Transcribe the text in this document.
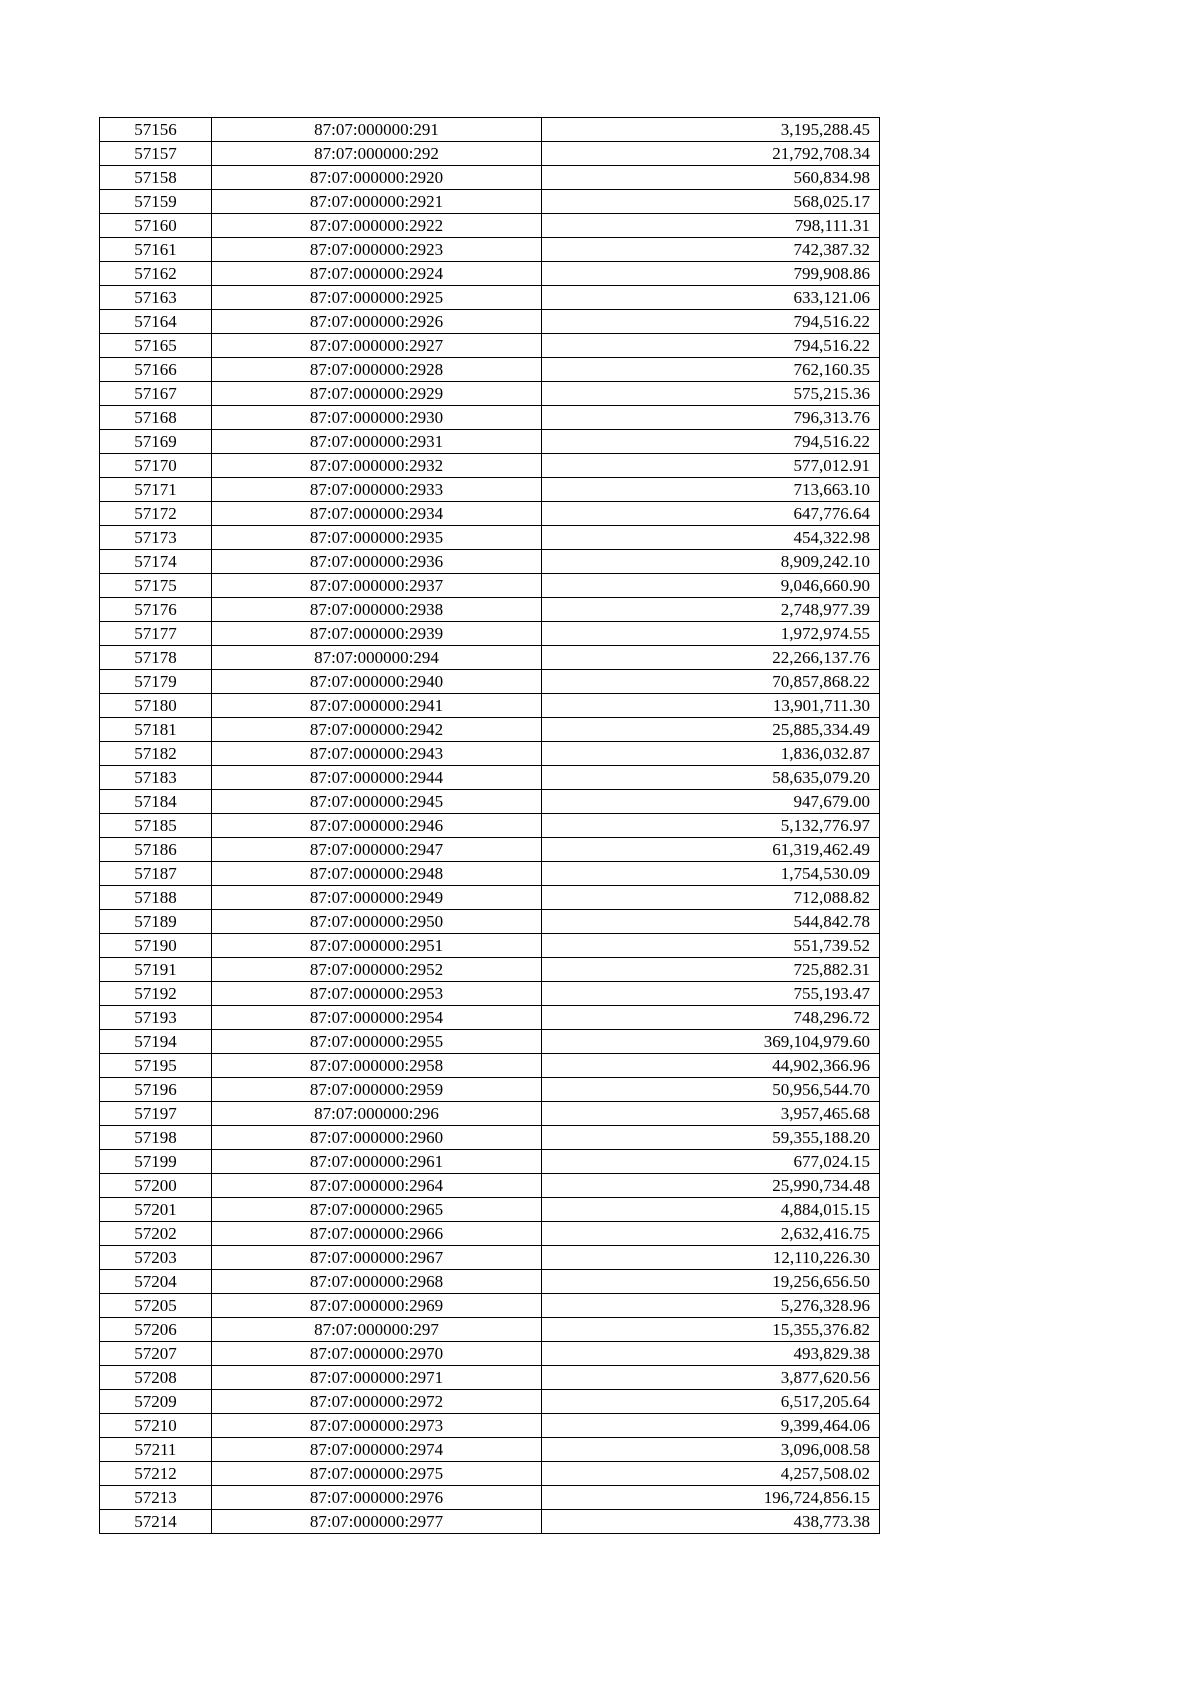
57156	87:07:000000:291	3,195,288.45
57157	87:07:000000:292	21,792,708.34
57158	87:07:000000:2920	560,834.98
57159	87:07:000000:2921	568,025.17
57160	87:07:000000:2922	798,111.31
57161	87:07:000000:2923	742,387.32
57162	87:07:000000:2924	799,908.86
57163	87:07:000000:2925	633,121.06
57164	87:07:000000:2926	794,516.22
57165	87:07:000000:2927	794,516.22
57166	87:07:000000:2928	762,160.35
57167	87:07:000000:2929	575,215.36
57168	87:07:000000:2930	796,313.76
57169	87:07:000000:2931	794,516.22
57170	87:07:000000:2932	577,012.91
57171	87:07:000000:2933	713,663.10
57172	87:07:000000:2934	647,776.64
57173	87:07:000000:2935	454,322.98
57174	87:07:000000:2936	8,909,242.10
57175	87:07:000000:2937	9,046,660.90
57176	87:07:000000:2938	2,748,977.39
57177	87:07:000000:2939	1,972,974.55
57178	87:07:000000:294	22,266,137.76
57179	87:07:000000:2940	70,857,868.22
57180	87:07:000000:2941	13,901,711.30
57181	87:07:000000:2942	25,885,334.49
57182	87:07:000000:2943	1,836,032.87
57183	87:07:000000:2944	58,635,079.20
57184	87:07:000000:2945	947,679.00
57185	87:07:000000:2946	5,132,776.97
57186	87:07:000000:2947	61,319,462.49
57187	87:07:000000:2948	1,754,530.09
57188	87:07:000000:2949	712,088.82
57189	87:07:000000:2950	544,842.78
57190	87:07:000000:2951	551,739.52
57191	87:07:000000:2952	725,882.31
57192	87:07:000000:2953	755,193.47
57193	87:07:000000:2954	748,296.72
57194	87:07:000000:2955	369,104,979.60
57195	87:07:000000:2958	44,902,366.96
57196	87:07:000000:2959	50,956,544.70
57197	87:07:000000:296	3,957,465.68
57198	87:07:000000:2960	59,355,188.20
57199	87:07:000000:2961	677,024.15
57200	87:07:000000:2964	25,990,734.48
57201	87:07:000000:2965	4,884,015.15
57202	87:07:000000:2966	2,632,416.75
57203	87:07:000000:2967	12,110,226.30
57204	87:07:000000:2968	19,256,656.50
57205	87:07:000000:2969	5,276,328.96
57206	87:07:000000:297	15,355,376.82
57207	87:07:000000:2970	493,829.38
57208	87:07:000000:2971	3,877,620.56
57209	87:07:000000:2972	6,517,205.64
57210	87:07:000000:2973	9,399,464.06
57211	87:07:000000:2974	3,096,008.58
57212	87:07:000000:2975	4,257,508.02
57213	87:07:000000:2976	196,724,856.15
57214	87:07:000000:2977	438,773.38
